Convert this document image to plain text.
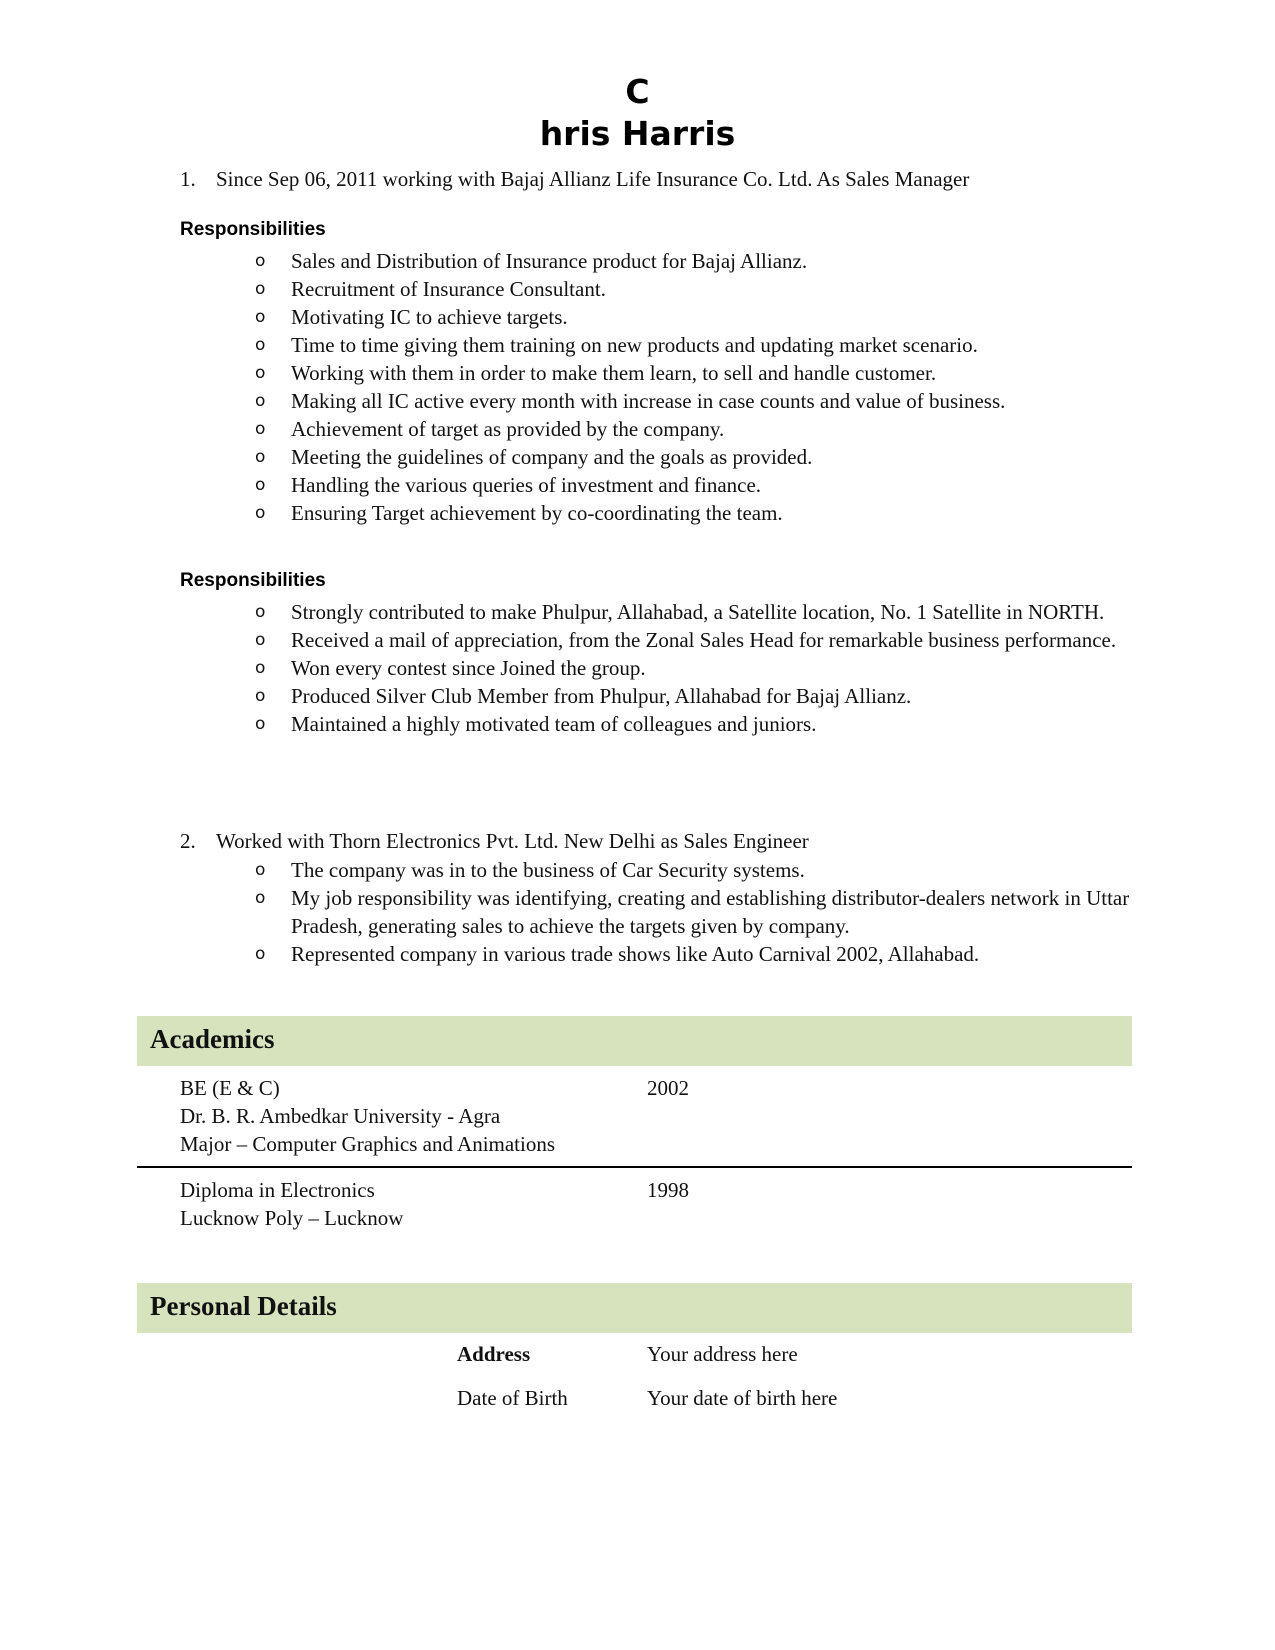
C
hris Harris
1. Since Sep 06, 2011 working with Bajaj Allianz Life Insurance Co. Ltd. As Sales Manager
Responsibilities
o Sales and Distribution of Insurance product for Bajaj Allianz.
o Recruitment of Insurance Consultant.
o Motivating IC to achieve targets.
o Time to time giving them training on new products and updating market scenario.
o Working with them in order to make them learn, to sell and handle customer.
o Making all IC active every month with increase in case counts and value of business.
o Achievement of target as provided by the company.
o Meeting the guidelines of company and the goals as provided.
o Handling the various queries of investment and finance.
o Ensuring Target achievement by co-coordinating the team.
Responsibilities
o Strongly contributed to make Phulpur, Allahabad, a Satellite location, No. 1 Satellite in NORTH.
o Received a mail of appreciation, from the Zonal Sales Head for remarkable business performance.
o Won every contest since Joined the group.
o Produced Silver Club Member from Phulpur, Allahabad for Bajaj Allianz.
o Maintained a highly motivated team of colleagues and juniors.
2. Worked with Thorn Electronics Pvt. Ltd. New Delhi as Sales Engineer
o The company was in to the business of Car Security systems.
o My job responsibility was identifying, creating and establishing distributor-dealers network in Uttar Pradesh, generating sales to achieve the targets given by company.
o Represented company in various trade shows like Auto Carnival 2002, Allahabad.
Academics
BE (E & C)
Dr. B. R. Ambedkar University - Agra
Major – Computer Graphics and Animations
2002
Diploma in Electronics
Lucknow Poly – Lucknow
1998
Personal Details
Address	Your address here
Date of Birth	Your date of birth here
